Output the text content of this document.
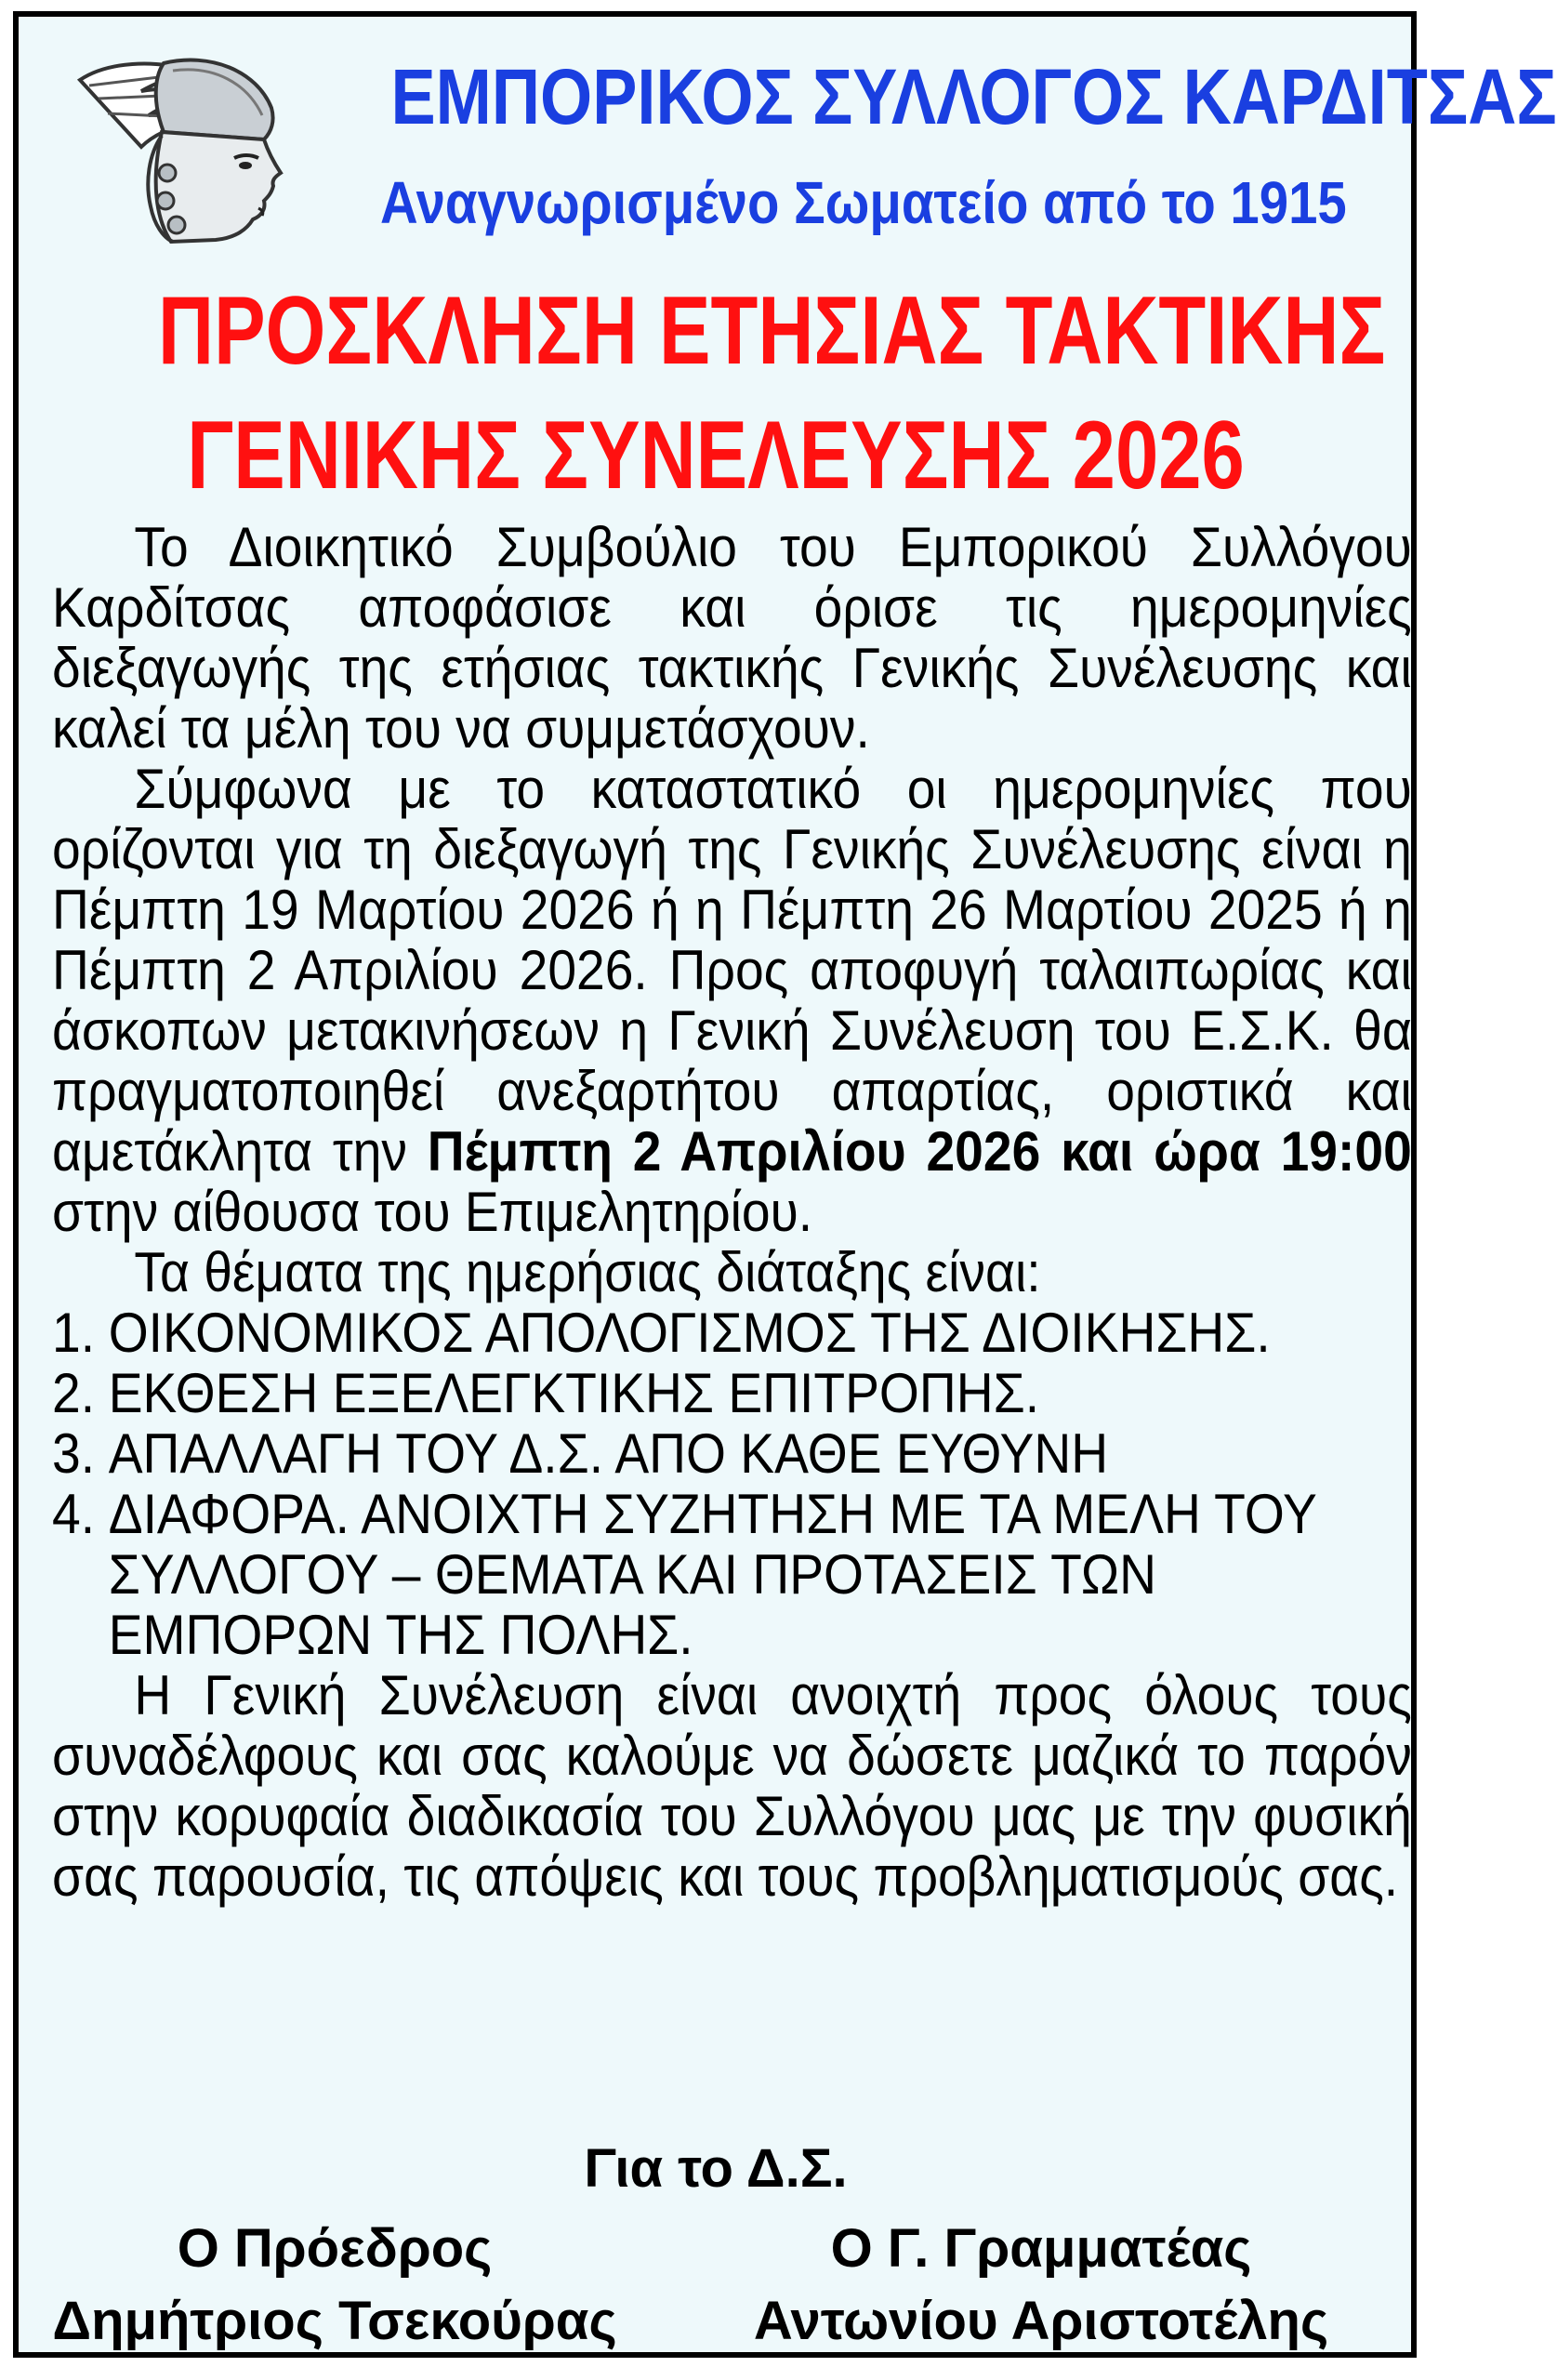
ΕΜΠΟΡΙΚΟΣ ΣΥΛΛΟΓΟΣ ΚΑΡΔΙΤΣΑΣ
Αναγνωρισμένο Σωματείο από το 1915
ΠΡΟΣΚΛΗΣΗ ΕΤΗΣΙΑΣ ΤΑΚΤΙΚΗΣ
ΓΕΝΙΚΗΣ ΣΥΝΕΛΕΥΣΗΣ 2026

Το Διοικητικό Συμβούλιο του Εμπορικού Συλλόγου Καρδίτσας αποφάσισε και όρισε τις ημερομηνίες διεξαγωγής της ετήσιας τακτικής Γενικής Συνέλευσης και καλεί τα μέλη του να συμμετάσχουν.

Σύμφωνα με το καταστατικό οι ημερομηνίες που ορίζονται για τη διεξαγωγή της Γενικής Συνέλευσης είναι η Πέμπτη 19 Μαρτίου 2026 ή η Πέμπτη 26 Μαρτίου 2025 ή η Πέμπτη 2 Απριλίου 2026. Προς αποφυγή ταλαιπωρίας και άσκοπων μετακινήσεων η Γενική Συνέλευση του Ε.Σ.Κ. θα πραγματοποιηθεί ανεξαρτήτου απαρτίας, οριστικά και αμετάκλητα την Πέμπτη 2 Απριλίου 2026 και ώρα 19:00 στην αίθουσα του Επιμελητηρίου.

Τα θέματα της ημερήσιας διάταξης είναι:

1. ΟΙΚΟΝΟΜΙΚΟΣ ΑΠΟΛΟΓΙΣΜΟΣ ΤΗΣ ΔΙΟΙΚΗΣΗΣ.
2. ΕΚΘΕΣΗ ΕΞΕΛΕΓΚΤΙΚΗΣ ΕΠΙΤΡΟΠΗΣ.
3. ΑΠΑΛΛΑΓΗ ΤΟΥ Δ.Σ. ΑΠΟ ΚΑΘΕ ΕΥΘΥΝΗ
4. ΔΙΑΦΟΡΑ. ΑΝΟΙΧΤΗ ΣΥΖΗΤΗΣΗ ΜΕ ΤΑ ΜΕΛΗ ΤΟΥ ΣΥΛΛΟΓΟΥ – ΘΕΜΑΤΑ ΚΑΙ ΠΡΟΤΑΣΕΙΣ ΤΩΝ ΕΜΠΟΡΩΝ ΤΗΣ ΠΟΛΗΣ.

Η Γενική Συνέλευση είναι ανοιχτή προς όλους τους συναδέλφους και σας καλούμε να δώσετε μαζικά το παρόν στην κορυφαία διαδικασία του Συλλόγου μας με την φυσική σας παρουσία, τις απόψεις και τους προβληματισμούς σας.

Για το Δ.Σ.
Ο Πρόεδρος
Δημήτριος Τσεκούρας
Ο Γ. Γραμματέας
Αντωνίου Αριστοτέλης
